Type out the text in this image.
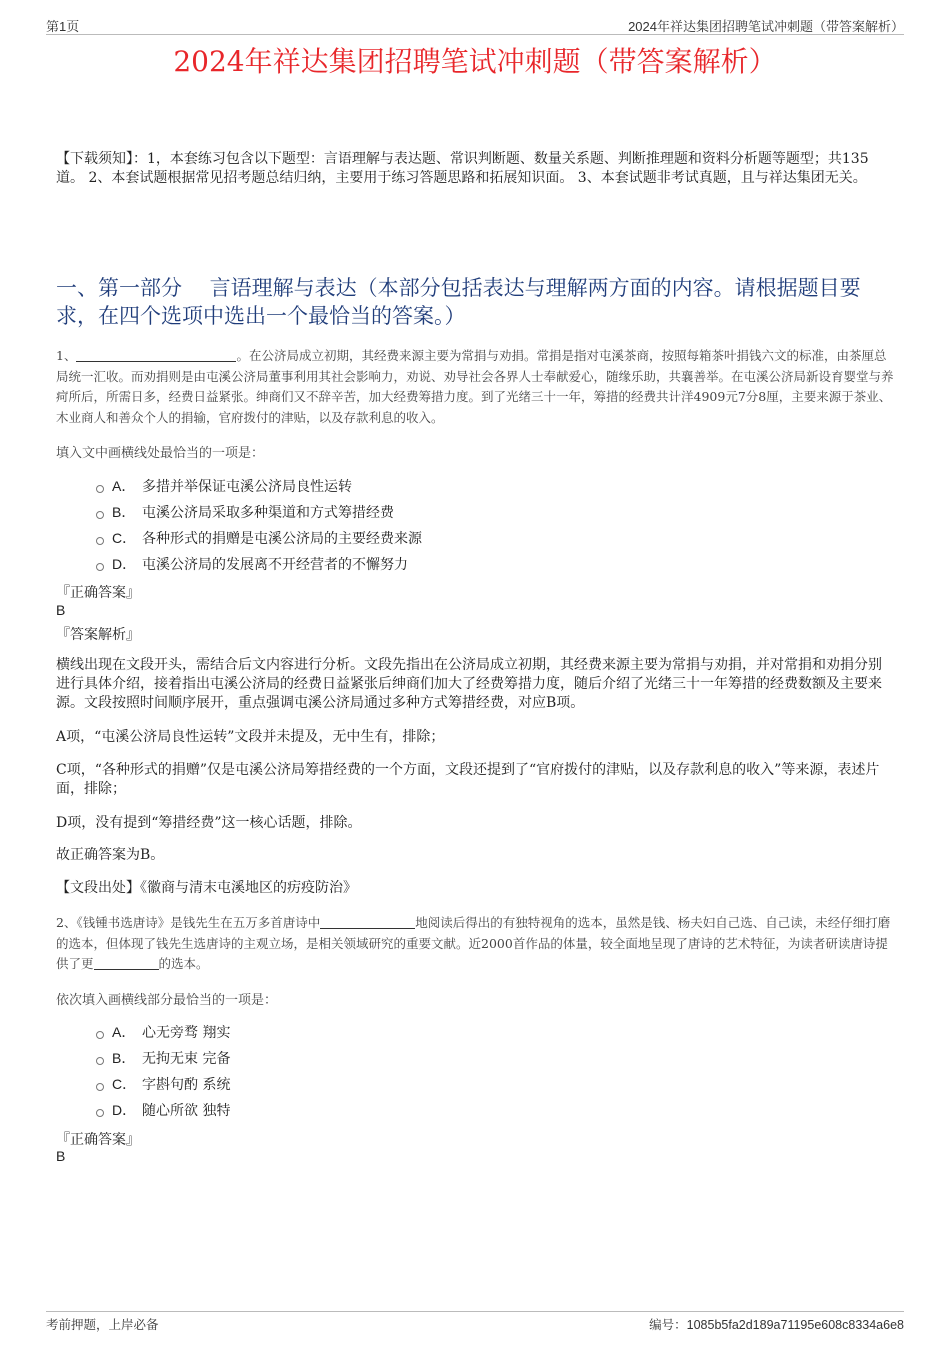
第1页	2024年祥达集团招聘笔试冲刺题（带答案解析）
2024年祥达集团招聘笔试冲刺题（带答案解析）
【下载须知】：1，本套练习包含以下题型：言语理解与表达题、常识判断题、数量关系题、判断推理题和资料分析题等题型；共135道。 2、本套试题根据常见招考题总结归纳，主要用于练习答题思路和拓展知识面。 3、本套试题非考试真题，且与祥达集团无关。
一、第一部分　 言语理解与表达（本部分包括表达与理解两方面的内容。请根据题目要求，在四个选项中选出一个最恰当的答案。）
1、	。在公济局成立初期，其经费来源主要为常捐与劝捐。常捐是指对屯溪茶商，按照每箱茶叶捐钱六文的标准，由茶厘总局统一汇收。而劝捐则是由屯溪公济局董事利用其社会影响力，劝说、劝导社会各界人士奉献爱心，随缘乐助，共襄善举。在屯溪公济局新设育婴堂与养疴所后，所需日多，经费日益紧张。绅商们又不辞辛苦，加大经费筹措力度。到了光绪三十一年，筹措的经费共计洋4909元7分8厘，主要来源于茶业、木业商人和善众个人的捐输，官府拨付的津贴，以及存款利息的收入。
填入文中画横线处最恰当的一项是：
A． 多措并举保证屯溪公济局良性运转
B． 屯溪公济局采取多种渠道和方式筹措经费
C． 各种形式的捐赠是屯溪公济局的主要经费来源
D． 屯溪公济局的发展离不开经营者的不懈努力
『正确答案』
B
『答案解析』
横线出现在文段开头，需结合后文内容进行分析。文段先指出在公济局成立初期，其经费来源主要为常捐与劝捐，并对常捐和劝捐分别进行具体介绍，接着指出屯溪公济局的经费日益紧张后绅商们加大了经费筹措力度，随后介绍了光绪三十一年筹措的经费数额及主要来源。文段按照时间顺序展开，重点强调屯溪公济局通过多种方式筹措经费，对应B项。
A项，“屯溪公济局良性运转”文段并未提及，无中生有，排除；
C项，“各种形式的捐赠”仅是屯溪公济局筹措经费的一个方面，文段还提到了“官府拨付的津贴，以及存款利息的收入”等来源，表述片面，排除；
D项，没有提到“筹措经费”这一核心话题，排除。
故正确答案为B。
【文段出处】《徽商与清末屯溪地区的疠疫防治》
2、《钱锺书选唐诗》是钱先生在五万多首唐诗中	地阅读后得出的有独特视角的选本，虽然是钱、杨夫妇自己选、自己读，未经仔细打磨的选本，但体现了钱先生选唐诗的主观立场，是相关领域研究的重要文献。近2000首作品的体量，较全面地呈现了唐诗的艺术特征，为读者研读唐诗提供了更	的选本。
依次填入画横线部分最恰当的一项是：
A． 心无旁骛 翔实
B． 无拘无束 完备
C． 字斟句酌 系统
D． 随心所欲 独特
『正确答案』
B
考前押题，上岸必备	编号：1085b5fa2d189a71195e608c8334a6e8
